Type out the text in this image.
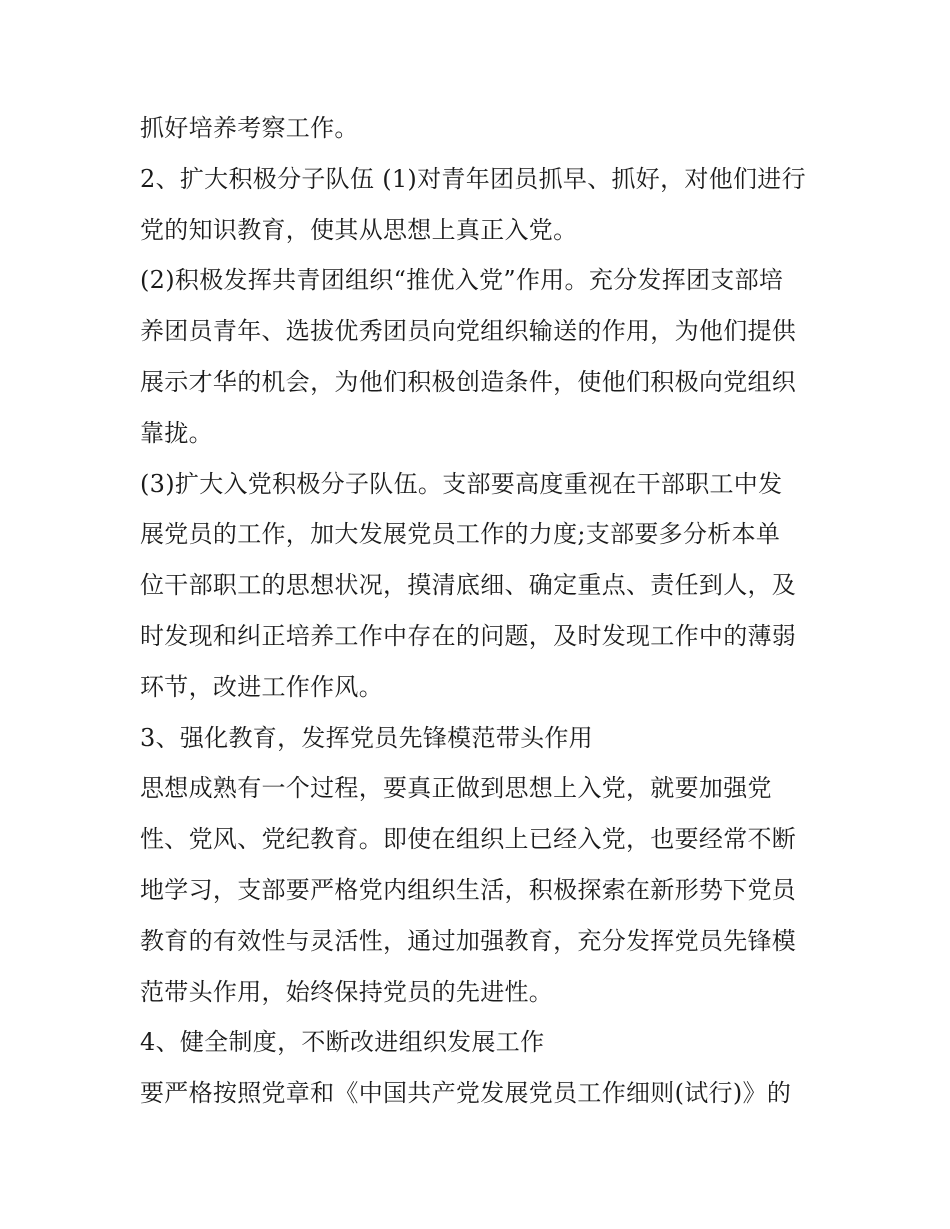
抓好培养考察工作。
2、扩大积极分子队伍 (1)对青年团员抓早、抓好，对他们进行
党的知识教育，使其从思想上真正入党。
(2)积极发挥共青团组织“推优入党”作用。充分发挥团支部培
养团员青年、选拔优秀团员向党组织输送的作用，为他们提供
展示才华的机会，为他们积极创造条件，使他们积极向党组织
靠拢。
(3)扩大入党积极分子队伍。支部要高度重视在干部职工中发
展党员的工作，加大发展党员工作的力度;支部要多分析本单
位干部职工的思想状况，摸清底细、确定重点、责任到人，及
时发现和纠正培养工作中存在的问题，及时发现工作中的薄弱
环节，改进工作作风。
3、强化教育，发挥党员先锋模范带头作用
思想成熟有一个过程，要真正做到思想上入党，就要加强党
性、党风、党纪教育。即使在组织上已经入党，也要经常不断
地学习，支部要严格党内组织生活，积极探索在新形势下党员
教育的有效性与灵活性，通过加强教育，充分发挥党员先锋模
范带头作用，始终保持党员的先进性。
4、健全制度，不断改进组织发展工作
要严格按照党章和《中国共产党发展党员工作细则(试行)》的
